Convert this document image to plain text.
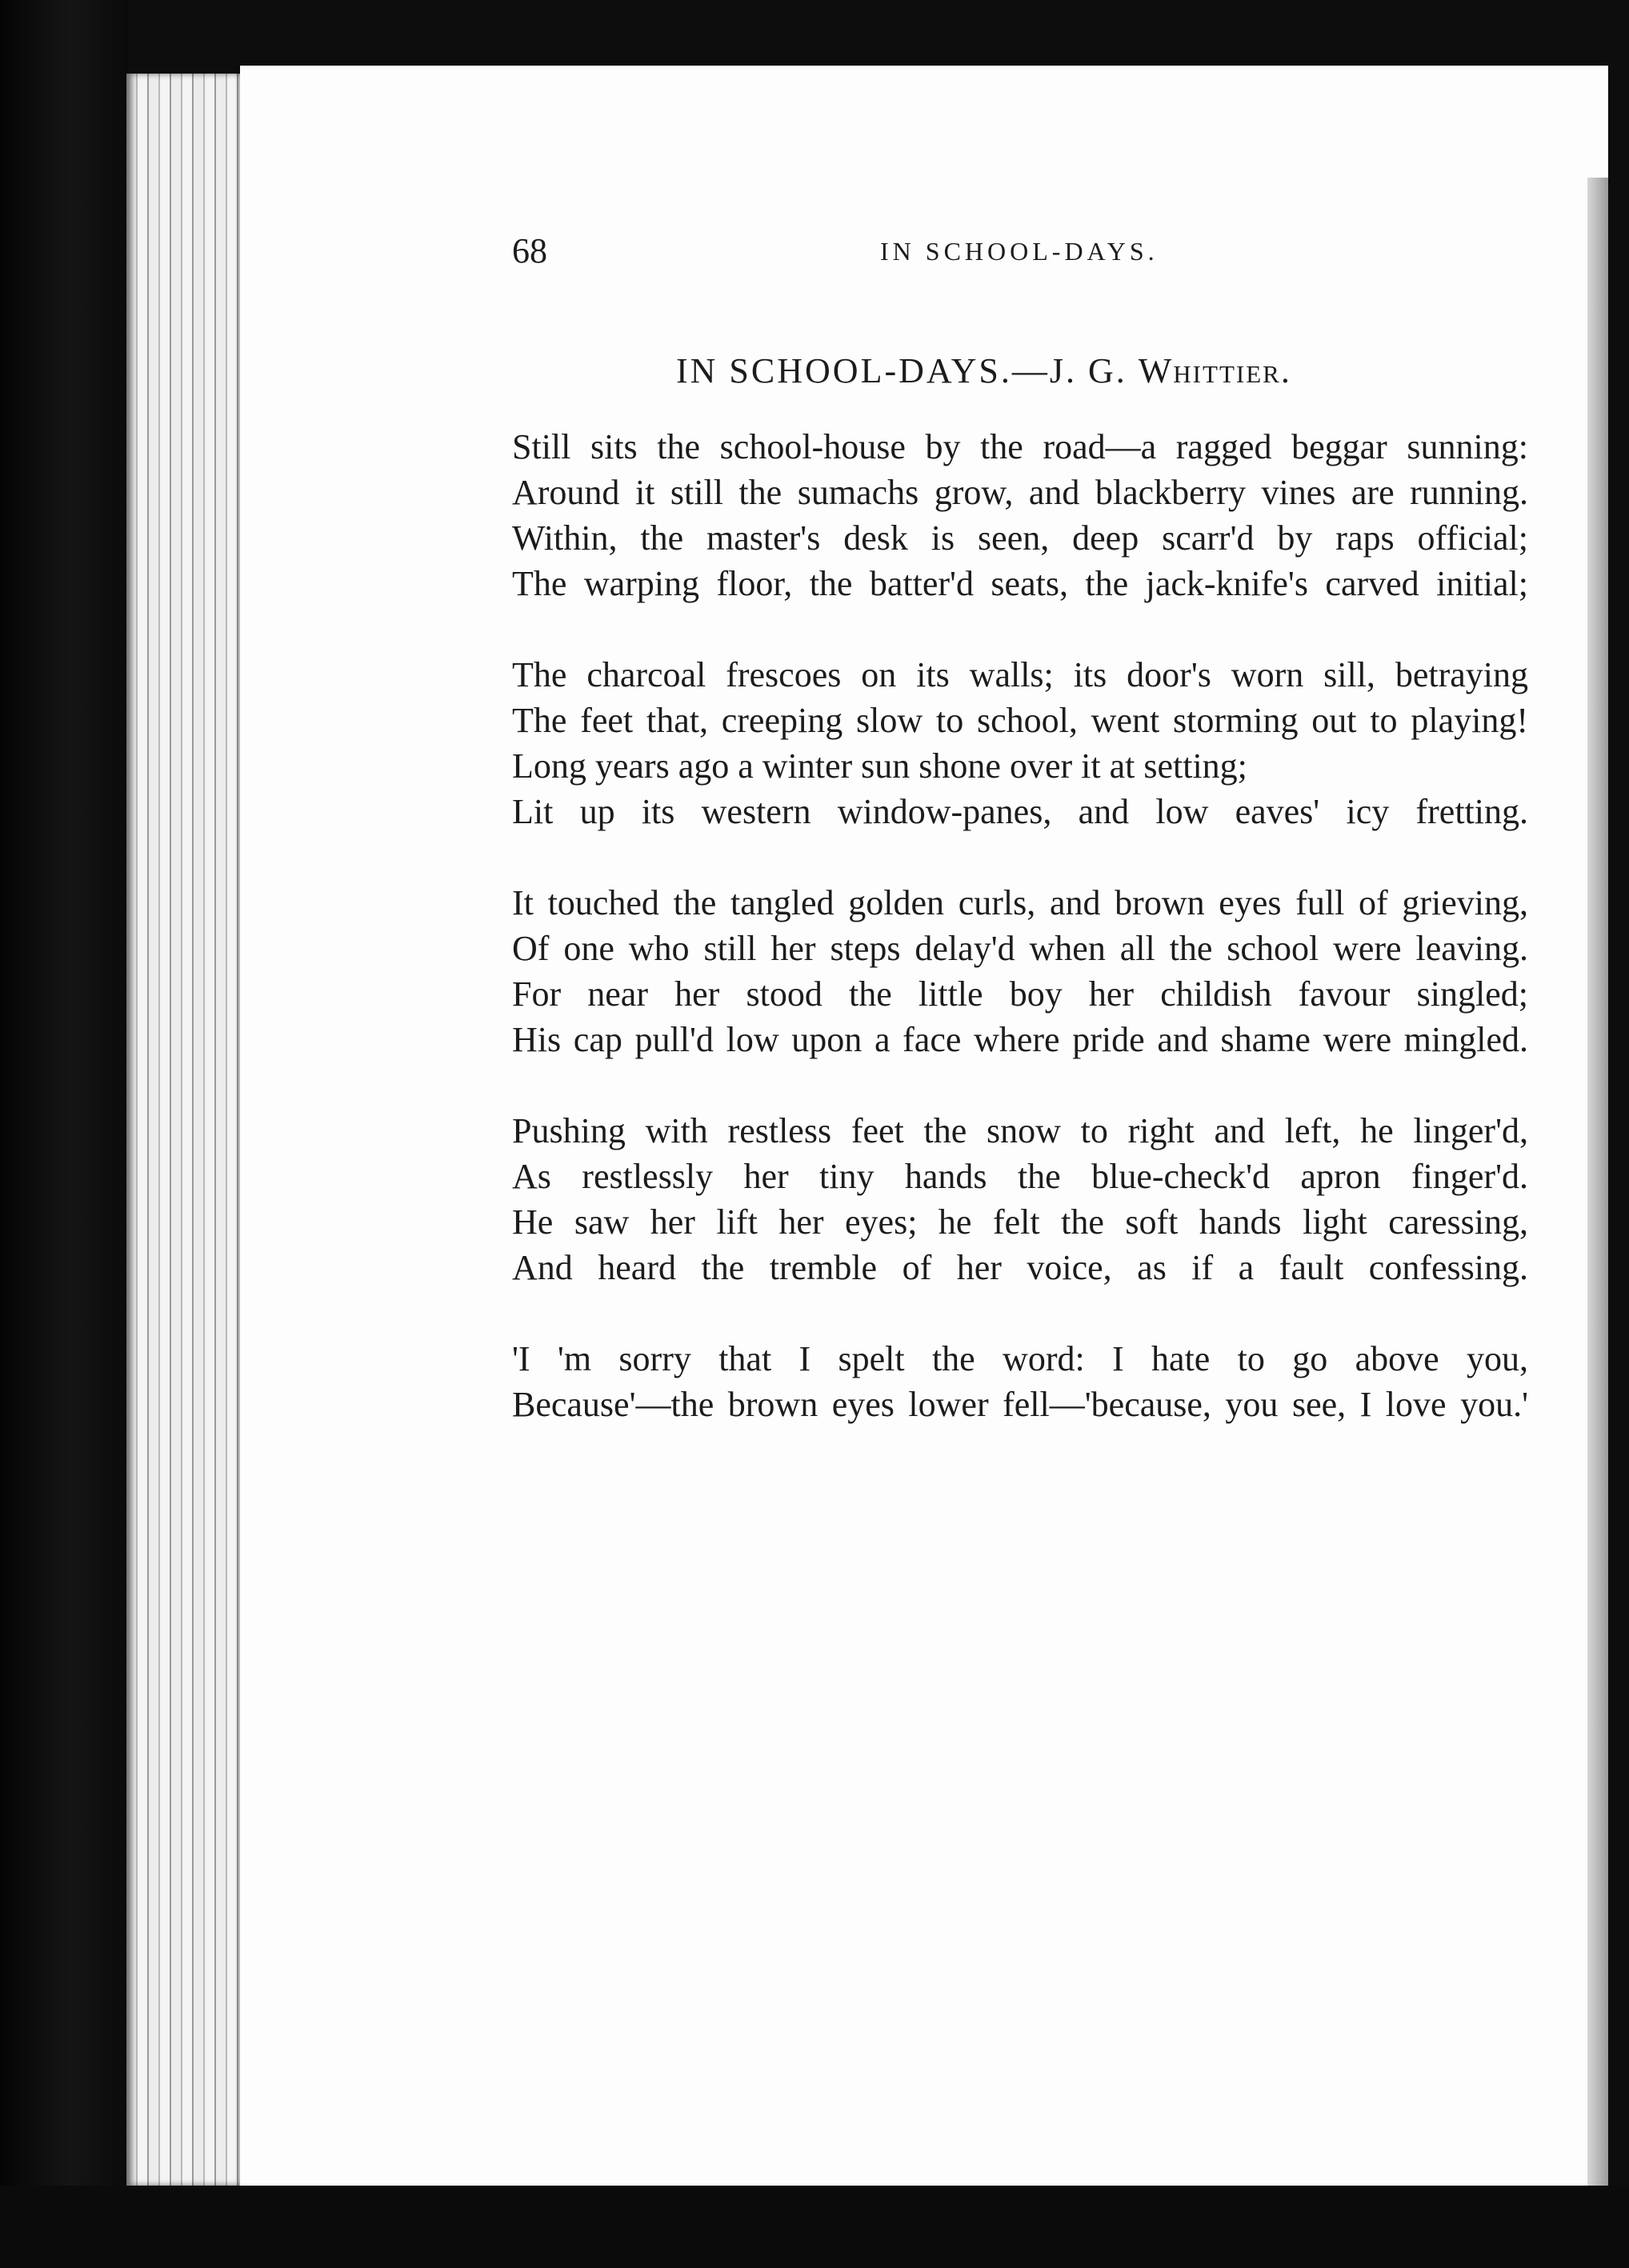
68	IN SCHOOL-DAYS.
IN SCHOOL-DAYS.—J. G. Whittier.
Still sits the school-house by the road—a ragged beggar sunning:
Around it still the sumachs grow, and blackberry vines are running.
Within, the master's desk is seen, deep scarr'd by raps official;
The warping floor, the batter'd seats, the jack-knife's carved initial;
The charcoal frescoes on its walls; its door's worn sill, betraying
The feet that, creeping slow to school, went storming out to playing!
Long years ago a winter sun shone over it at setting;
Lit up its western window-panes, and low eaves' icy fretting.
It touched the tangled golden curls, and brown eyes full of grieving,
Of one who still her steps delay'd when all the school were leaving.
For near her stood the little boy her childish favour singled;
His cap pull'd low upon a face where pride and shame were mingled.
Pushing with restless feet the snow to right and left, he linger'd,
As restlessly her tiny hands the blue-check'd apron finger'd.
He saw her lift her eyes; he felt the soft hands light caressing,
And heard the tremble of her voice, as if a fault confessing.
'I 'm sorry that I spelt the word: I hate to go above you,
Because'—the brown eyes lower fell—'because, you see, I love you.'
